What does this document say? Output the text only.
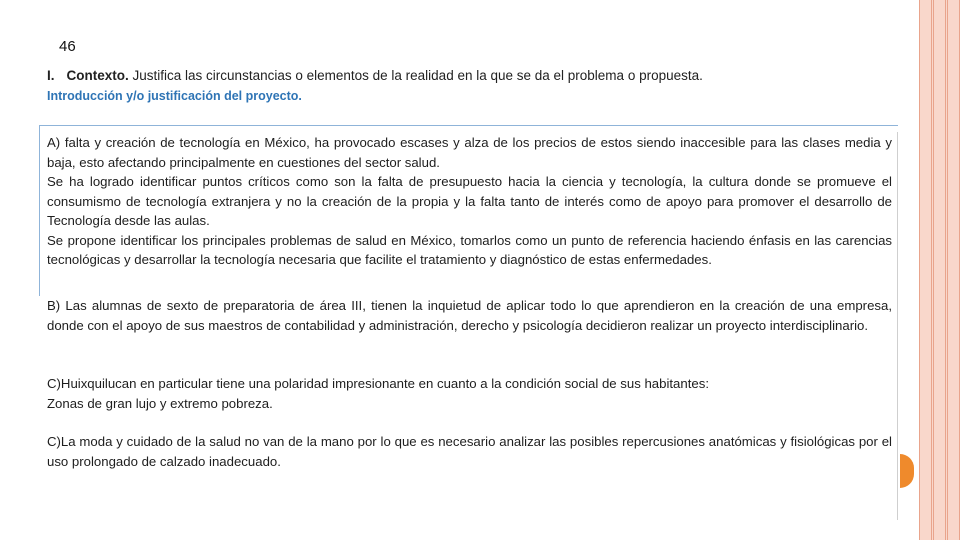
46
I. Contexto. Justifica las circunstancias o elementos de la realidad en la que se da el problema o propuesta.
Introducción y/o justificación del proyecto.
A) falta y creación de tecnología en México, ha provocado escases y alza de los precios de estos siendo inaccesible para las clases media y baja, esto afectando principalmente en cuestiones del sector salud.
Se ha logrado identificar puntos críticos como son la falta de presupuesto hacia la ciencia y tecnología, la cultura donde se promueve el consumismo de tecnología extranjera y no la creación de la propia y la falta tanto de interés como de apoyo para promover el desarrollo de Tecnología desde las aulas.
Se propone identificar los principales problemas de salud en México, tomarlos como un punto de referencia haciendo énfasis en las carencias tecnológicas y desarrollar la tecnología necesaria que facilite el tratamiento y diagnóstico de estas enfermedades.
B) Las alumnas de sexto de preparatoria de área III, tienen la inquietud de aplicar todo lo que aprendieron en la creación de una empresa, donde con el apoyo de sus maestros de contabilidad y administración, derecho y psicología decidieron realizar un proyecto interdisciplinario.
C)Huixquilucan en particular tiene una polaridad impresionante en cuanto a la condición social de sus habitantes:
Zonas de gran lujo y extremo pobreza.
C)La moda y cuidado de la salud no van de la mano por lo que es necesario analizar las posibles repercusiones anatómicas y fisiológicas por el uso prolongado de calzado inadecuado.
